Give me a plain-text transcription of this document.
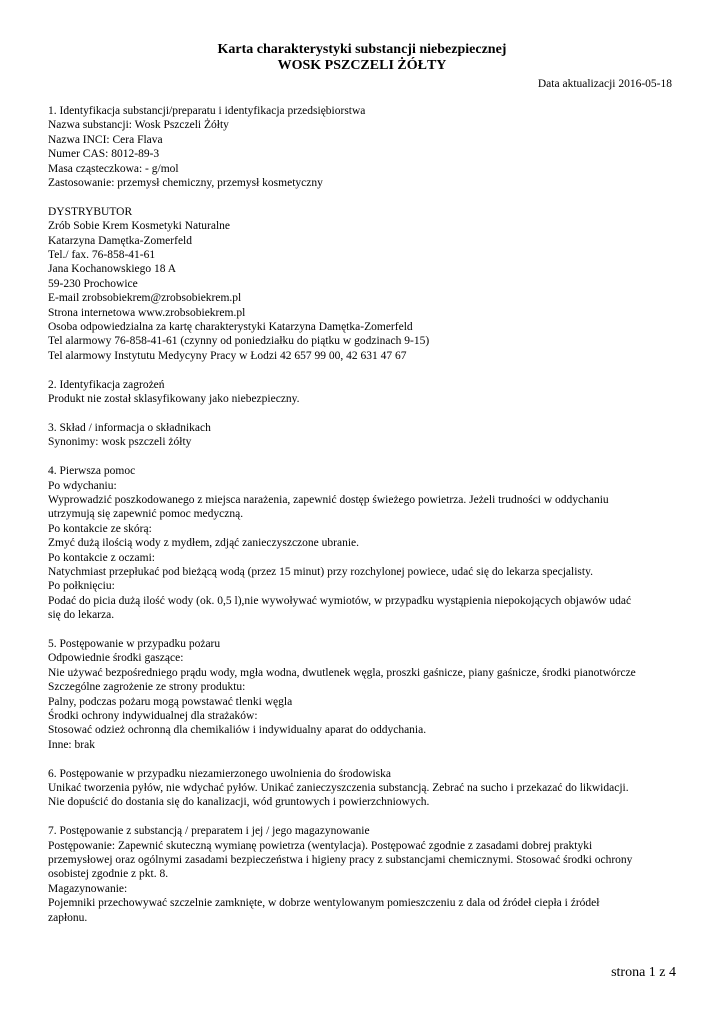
Karta charakterystyki substancji niebezpiecznej
WOSK PSZCZELI ŻÓŁTY
Data aktualizacji 2016-05-18
1. Identyfikacja substancji/preparatu i identyfikacja przedsiębiorstwa
Nazwa substancji: Wosk Pszczeli Żółty
Nazwa INCI: Cera Flava
Numer CAS: 8012-89-3
Masa cząsteczkowa: - g/mol
Zastosowanie: przemysł chemiczny, przemysł kosmetyczny
DYSTRYBUTOR
Zrób Sobie Krem Kosmetyki Naturalne
Katarzyna Damętka-Zomerfeld
Tel./ fax. 76-858-41-61
Jana Kochanowskiego 18 A
59-230 Prochowice
E-mail zrobsobiekrem@zrobsobiekrem.pl
Strona internetowa www.zrobsobiekrem.pl
Osoba odpowiedzialna za kartę charakterystyki Katarzyna Damętka-Zomerfeld
Tel alarmowy 76-858-41-61 (czynny od poniedziałku do piątku w godzinach 9-15)
Tel alarmowy Instytutu Medycyny Pracy w Łodzi 42 657 99 00, 42 631 47 67
2. Identyfikacja zagrożeń
Produkt nie został sklasyfikowany jako niebezpieczny.
3. Skład / informacja o składnikach
Synonimy: wosk pszczeli żółty
4. Pierwsza pomoc
Po wdychaniu:
Wyprowadzić poszkodowanego z miejsca narażenia, zapewnić dostęp świeżego powietrza. Jeżeli trudności w oddychaniu
utrzymują się zapewnić pomoc medyczną.
Po kontakcie ze skórą:
Zmyć dużą ilością wody z mydłem, zdjąć zanieczyszczone ubranie.
Po kontakcie z oczami:
Natychmiast przepłukać pod bieżącą wodą (przez 15 minut) przy rozchylonej powiece, udać się do lekarza specjalisty.
Po połknięciu:
Podać do picia dużą ilość wody (ok. 0,5 l),nie wywoływać wymiotów, w przypadku wystąpienia niepokojących objawów udać
się do lekarza.
5. Postępowanie w przypadku pożaru
Odpowiednie środki gaszące:
Nie używać bezpośredniego prądu wody, mgła wodna, dwutlenek węgla, proszki gaśnicze, piany gaśnicze, środki pianotwórcze
Szczególne zagrożenie ze strony produktu:
Palny, podczas pożaru mogą powstawać tlenki węgla
Środki ochrony indywidualnej dla strażaków:
Stosować odzież ochronną dla chemikaliów i indywidualny aparat do oddychania.
Inne: brak
6. Postępowanie w przypadku niezamierzonego uwolnienia do środowiska
Unikać tworzenia pyłów, nie wdychać pyłów. Unikać zanieczyszczenia substancją. Zebrać na sucho i przekazać do likwidacji.
Nie dopuścić do dostania się do kanalizacji, wód gruntowych i powierzchniowych.
7. Postępowanie z substancją / preparatem i jej / jego magazynowanie
Postępowanie: Zapewnić skuteczną wymianę powietrza (wentylacja). Postępować zgodnie z zasadami dobrej praktyki
przemysłowej oraz ogólnymi zasadami bezpieczeństwa i higieny pracy z substancjami chemicznymi. Stosować środki ochrony
osobistej zgodnie z pkt. 8.
Magazynowanie:
Pojemniki przechowywać szczelnie zamknięte, w dobrze wentylowanym pomieszczeniu z dala od źródeł ciepła i źródeł
zapłonu.
strona 1 z 4
